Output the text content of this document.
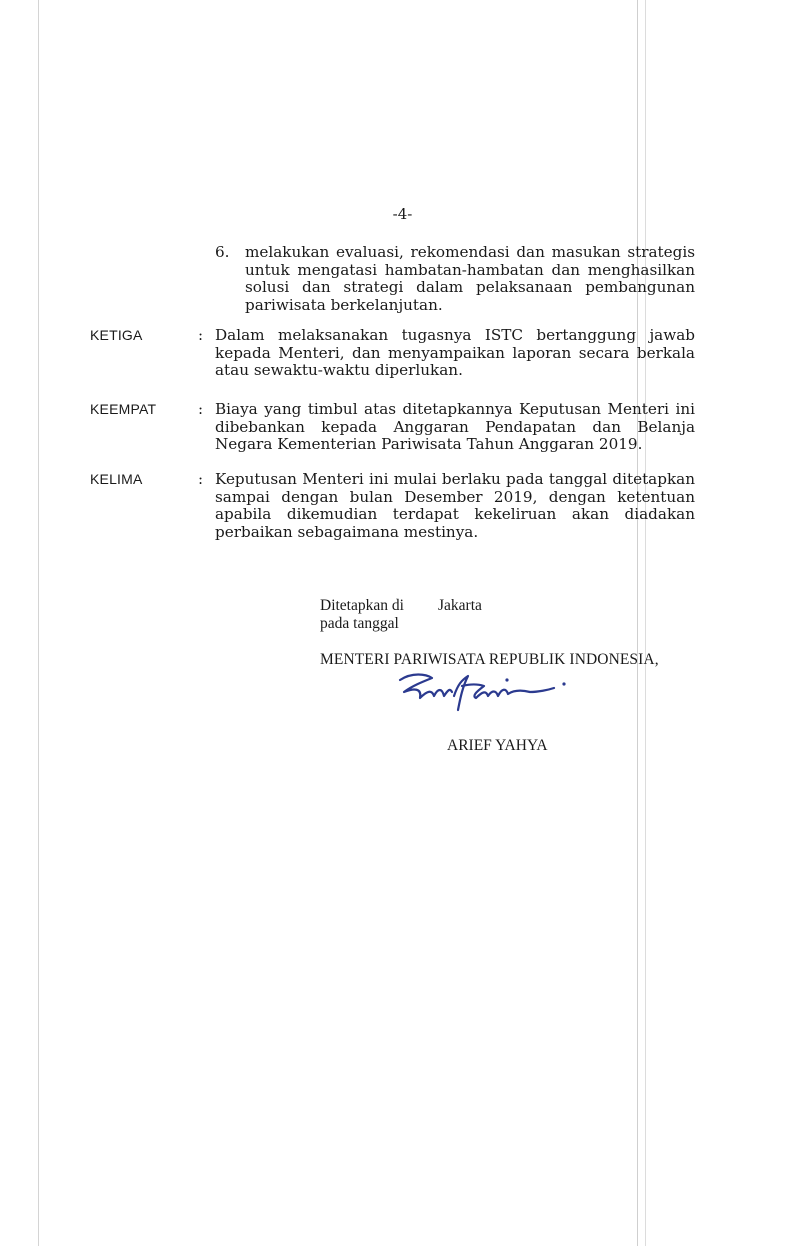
-4-
6. melakukan evaluasi, rekomendasi dan masukan strategis untuk mengatasi hambatan-hambatan dan menghasilkan solusi dan strategi dalam pelaksanaan pembangunan pariwisata berkelanjutan.
KETIGA	: Dalam melaksanakan tugasnya ISTC bertanggung jawab kepada Menteri, dan menyampaikan laporan secara berkala atau sewaktu-waktu diperlukan.
KEEMPAT	: Biaya yang timbul atas ditetapkannya Keputusan Menteri ini dibebankan kepada Anggaran Pendapatan dan Belanja Negara Kementerian Pariwisata Tahun Anggaran 2019.
KELIMA	: Keputusan Menteri ini mulai berlaku pada tanggal ditetapkan sampai dengan bulan Desember 2019, dengan ketentuan apabila dikemudian terdapat kekeliruan akan diadakan perbaikan sebagaimana mestinya.
Ditetapkan di Jakarta
pada tanggal
MENTERI PARIWISATA REPUBLIK INDONESIA,
ARIEF YAHYA
